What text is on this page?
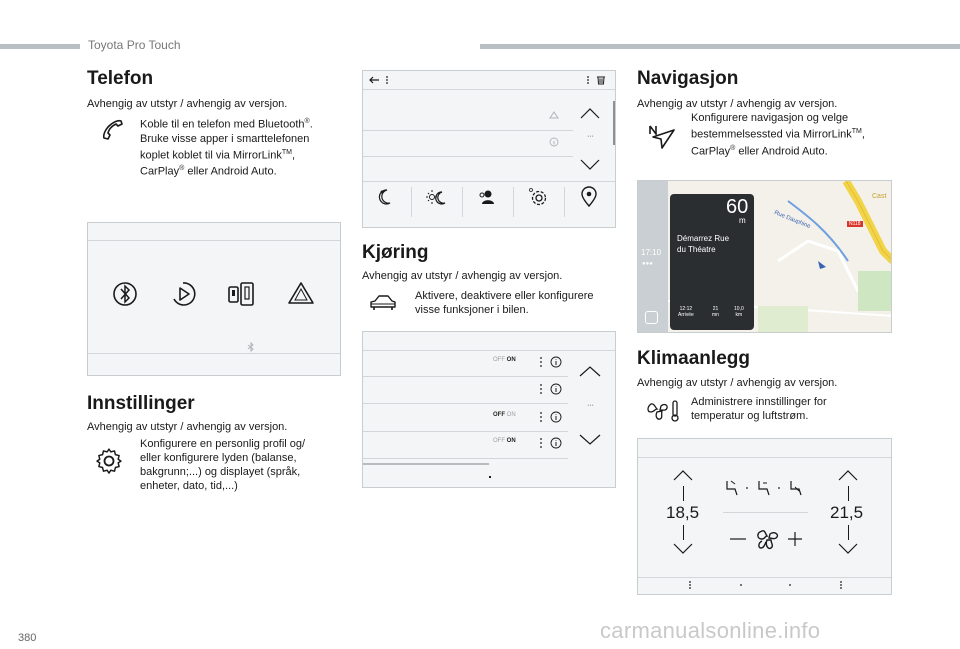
Toyota Pro Touch
Telefon
Avhengig av utstyr / avhengig av versjon.
Koble til en telefon med Bluetooth®.
Bruke visse apper i smarttelefonen
koplet koblet til via MirrorLink™,
CarPlay® eller Android Auto.
Innstillinger
Avhengig av utstyr / avhengig av versjon.
Konfigurere en personlig profil og/
eller konfigurere lyden (balanse,
bakgrunn;...) og displayet (språk,
enheter, dato, tid,...)
···
Kjøring
Avhengig av utstyr / avhengig av versjon.
Aktivere, deaktivere eller konfigurere
visse funksjoner i bilen.
OFF ON
OFF ON
OFF ON
···
Navigasjon
Avhengig av utstyr / avhengig av versjon.
Konfigurere navigasjon og velge
bestemmelsessted via MirrorLink™,
CarPlay® eller Android Auto.
17:10
●●●
N118
Rue Dauphine
Cast
60
m
Démarrez Rue
du Théatre
12:12
Arrivée
21
mn
10,0
km
Klimaanlegg
Avhengig av utstyr / avhengig av versjon.
Administrere innstillinger for
temperatur og luftstrøm.
18,5	21,5
380	carmanualsonline.info
